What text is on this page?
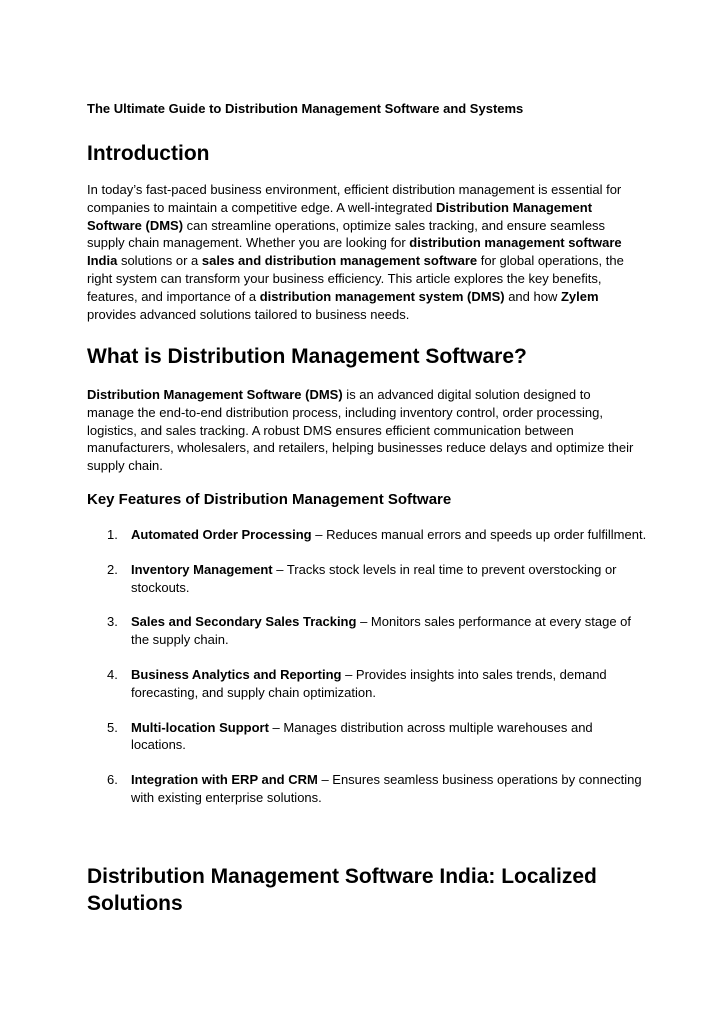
The Ultimate Guide to Distribution Management Software and Systems

Introduction

In today’s fast-paced business environment, efficient distribution management is essential for companies to maintain a competitive edge. A well-integrated Distribution Management Software (DMS) can streamline operations, optimize sales tracking, and ensure seamless supply chain management. Whether you are looking for distribution management software India solutions or a sales and distribution management software for global operations, the right system can transform your business efficiency. This article explores the key benefits, features, and importance of a distribution management system (DMS) and how Zylem provides advanced solutions tailored to business needs.

What is Distribution Management Software?

Distribution Management Software (DMS) is an advanced digital solution designed to manage the end-to-end distribution process, including inventory control, order processing, logistics, and sales tracking. A robust DMS ensures efficient communication between manufacturers, wholesalers, and retailers, helping businesses reduce delays and optimize their supply chain.

Key Features of Distribution Management Software
1. Automated Order Processing – Reduces manual errors and speeds up order fulfillment.
2. Inventory Management – Tracks stock levels in real time to prevent overstocking or stockouts.
3. Sales and Secondary Sales Tracking – Monitors sales performance at every stage of the supply chain.
4. Business Analytics and Reporting – Provides insights into sales trends, demand forecasting, and supply chain optimization.
5. Multi-location Support – Manages distribution across multiple warehouses and locations.
6. Integration with ERP and CRM – Ensures seamless business operations by connecting with existing enterprise solutions.
Distribution Management Software India: Localized Solutions
